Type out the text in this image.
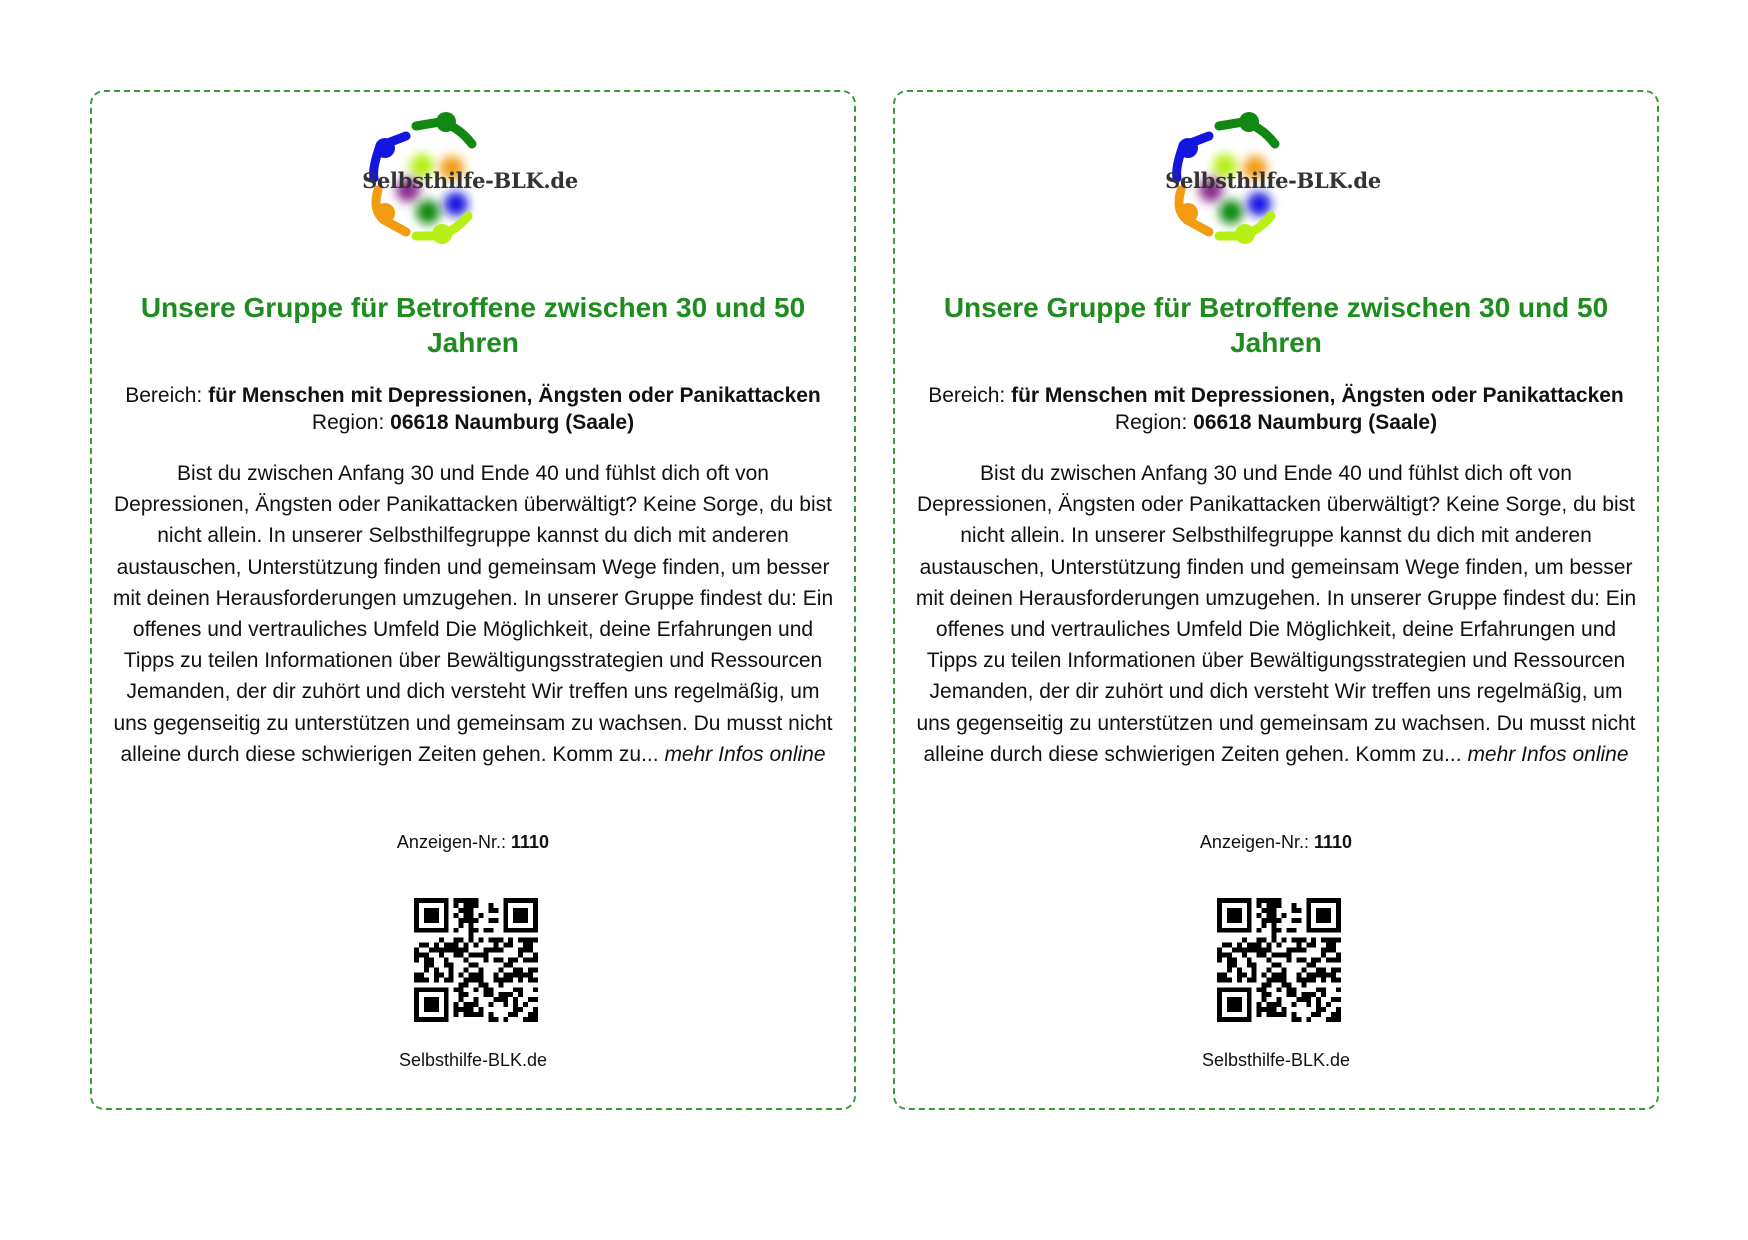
Selbsthilfe-BLK.de
Unsere Gruppe für Betroffene zwischen 30 und 50 Jahren
Bereich: für Menschen mit Depressionen, Ängsten oder Panikattacken
Region: 06618 Naumburg (Saale)
Bist du zwischen Anfang 30 und Ende 40 und fühlst dich oft von Depressionen, Ängsten oder Panikattacken überwältigt? Keine Sorge, du bist nicht allein. In unserer Selbsthilfegruppe kannst du dich mit anderen austauschen, Unterstützung finden und gemeinsam Wege finden, um besser mit deinen Herausforderungen umzugehen. In unserer Gruppe findest du: Ein offenes und vertrauliches Umfeld Die Möglichkeit, deine Erfahrungen und Tipps zu teilen Informationen über Bewältigungsstrategien und Ressourcen Jemanden, der dir zuhört und dich versteht Wir treffen uns regelmäßig, um uns gegenseitig zu unterstützen und gemeinsam zu wachsen. Du musst nicht alleine durch diese schwierigen Zeiten gehen. Komm zu... mehr Infos online
Anzeigen-Nr.: 1110
Selbsthilfe-BLK.de
Selbsthilfe-BLK.de
Unsere Gruppe für Betroffene zwischen 30 und 50 Jahren
Bereich: für Menschen mit Depressionen, Ängsten oder Panikattacken
Region: 06618 Naumburg (Saale)
Bist du zwischen Anfang 30 und Ende 40 und fühlst dich oft von Depressionen, Ängsten oder Panikattacken überwältigt? Keine Sorge, du bist nicht allein. In unserer Selbsthilfegruppe kannst du dich mit anderen austauschen, Unterstützung finden und gemeinsam Wege finden, um besser mit deinen Herausforderungen umzugehen. In unserer Gruppe findest du: Ein offenes und vertrauliches Umfeld Die Möglichkeit, deine Erfahrungen und Tipps zu teilen Informationen über Bewältigungsstrategien und Ressourcen Jemanden, der dir zuhört und dich versteht Wir treffen uns regelmäßig, um uns gegenseitig zu unterstützen und gemeinsam zu wachsen. Du musst nicht alleine durch diese schwierigen Zeiten gehen. Komm zu... mehr Infos online
Anzeigen-Nr.: 1110
Selbsthilfe-BLK.de
